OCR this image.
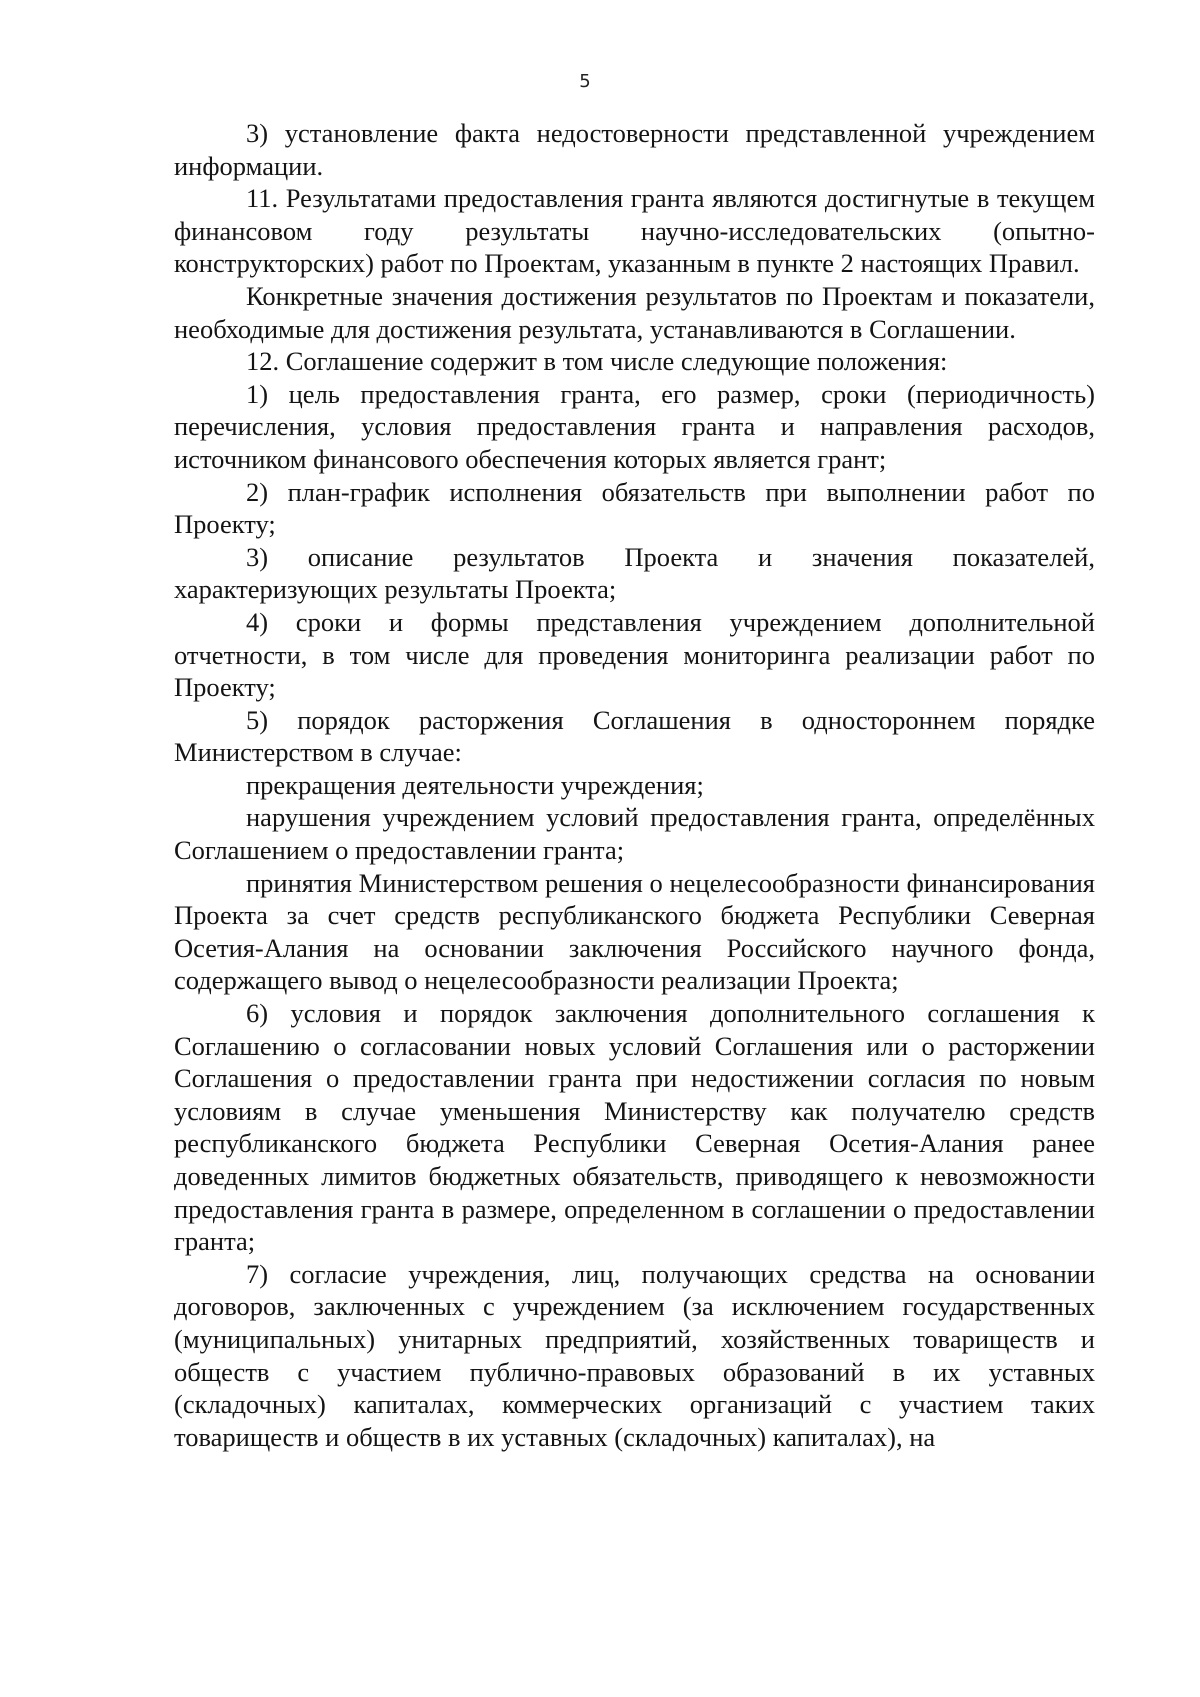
5

3) установление факта недостоверности представленной учреждением информации.

11. Результатами предоставления гранта являются достигнутые в текущем финансовом году результаты научно-исследовательских (опытно-конструкторских) работ по Проектам, указанным в пункте 2 настоящих Правил.

Конкретные значения достижения результатов по Проектам и показатели, необходимые для достижения результата, устанавливаются в Соглашении.

12. Соглашение содержит в том числе следующие положения:

1) цель предоставления гранта, его размер, сроки (периодичность) перечисления, условия предоставления гранта и направления расходов, источником финансового обеспечения которых является грант;

2) план-график исполнения обязательств при выполнении работ по Проекту;

3) описание результатов Проекта и значения показателей, характеризующих результаты Проекта;

4) сроки и формы представления учреждением дополнительной отчетности, в том числе для проведения мониторинга реализации работ по Проекту;

5) порядок расторжения Соглашения в одностороннем порядке Министерством в случае:

прекращения деятельности учреждения;

нарушения учреждением условий предоставления гранта, определённых Соглашением о предоставлении гранта;

принятия Министерством решения о нецелесообразности финансирования Проекта за счет средств республиканского бюджета Республики Северная Осетия-Алания на основании заключения Российского научного фонда, содержащего вывод о нецелесообразности реализации Проекта;

6) условия и порядок заключения дополнительного соглашения к Соглашению о согласовании новых условий Соглашения или о расторжении Соглашения о предоставлении гранта при недостижении согласия по новым условиям в случае уменьшения Министерству как получателю средств республиканского бюджета Республики Северная Осетия-Алания ранее доведенных лимитов бюджетных обязательств, приводящего к невозможности предоставления гранта в размере, определенном в соглашении о предоставлении гранта;

7) согласие учреждения, лиц, получающих средства на основании договоров, заключенных с учреждением (за исключением государственных (муниципальных) унитарных предприятий, хозяйственных товариществ и обществ с участием публично-правовых образований в их уставных (складочных) капиталах, коммерческих организаций с участием таких товариществ и обществ в их уставных (складочных) капиталах), на
